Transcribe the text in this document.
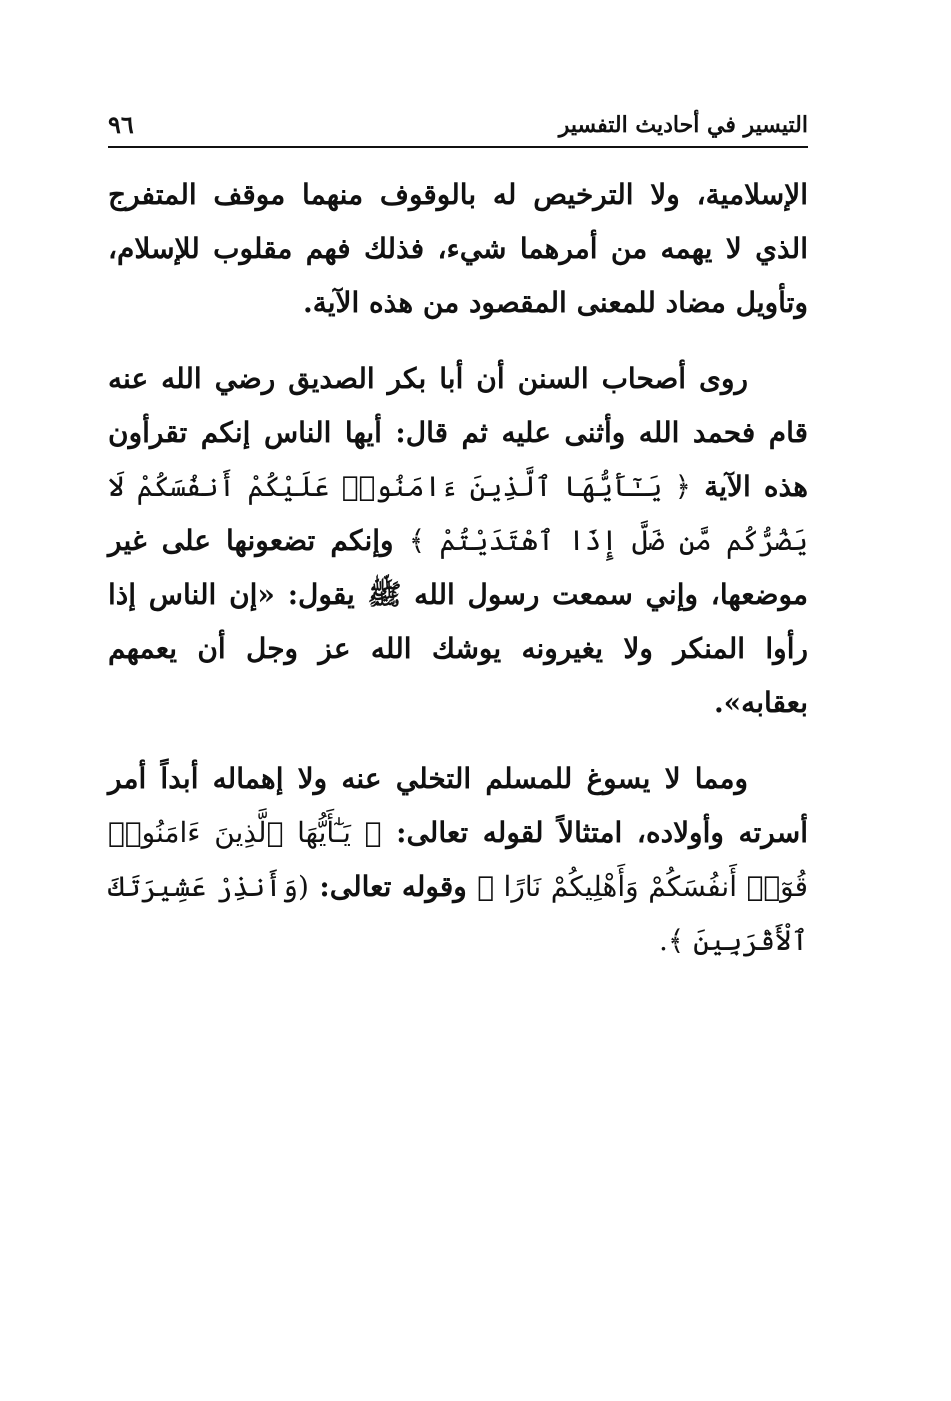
التيسير في أحاديث التفسير
٩٦

الإسلامية، ولا الترخيص له بالوقوف منهما موقف المتفرج الذي لا يهمه من أمرهما شيء، فذلك فهم مقلوب للإسلام، وتأويل مضاد للمعنى المقصود من هذه الآية.

روى أصحاب السنن أن أبا بكر الصديق رضي الله عنه قام فحمد الله وأثنى عليه ثم قال: أيها الناس إنكم تقرأون هذه الآية ﴿ يَـٰٓأَيُّهَا ٱلَّذِينَ ءَامَنُوا۟ عَلَيْكُمْ أَنفُسَكُمْ لَا يَضُرُّكُم مَّن ضَلَّ إِذَا ٱهْتَدَيْتُمْ ﴾ وإنكم تضعونها على غير موضعها، وإني سمعت رسول الله ﷺ يقول: «إن الناس إذا رأوا المنكر ولا يغيرونه يوشك الله عز وجل أن يعمهم بعقابه».

ومما لا يسوغ للمسلم التخلي عنه ولا إهماله أبداً أمر أسرته وأولاده، امتثالاً لقوله تعالى: ﴿ يَـٰٓأَيُّهَا ٱلَّذِينَ ءَامَنُوا۟ قُوٓا۟ أَنفُسَكُمْ وَأَهْلِيكُمْ نَارًا ﴾ وقوله تعالى: (وَأَنذِرْ عَشِيرَتَكَ ٱلْأَقْرَبِينَ ﴾.
